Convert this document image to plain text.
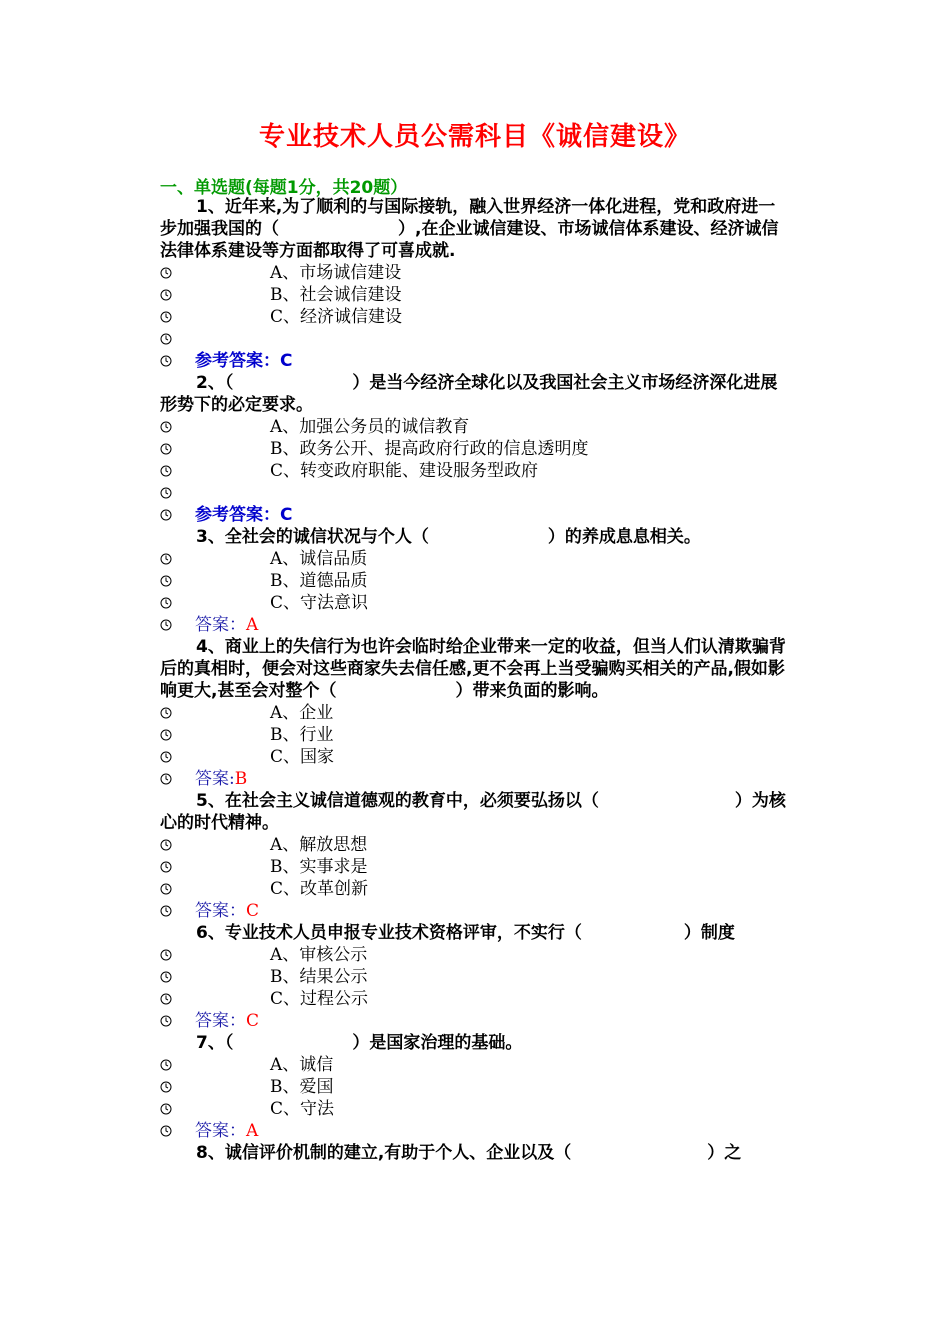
专业技术人员公需科目《诚信建设》
一、单选题(每题1分，共20题）

1、近年来,为了顺利的与国际接轨，融入世界经济一体化进程，党和政府进一步加强我国的（　　　　　　　）,在企业诚信建设、市场诚信体系建设、经济诚信法律体系建设等方面都取得了可喜成就.

A、市场诚信建设
B、社会诚信建设
C、经济诚信建设
参考答案：C

2、（　　　　　　　）是当今经济全球化以及我国社会主义市场经济深化进展形势下的必定要求。

A、加强公务员的诚信教育
B、政务公开、提高政府行政的信息透明度
C、转变政府职能、建设服务型政府
参考答案：C

3、全社会的诚信状况与个人（　　　　　　　）的养成息息相关。

A、诚信品质
B、道德品质
C、守法意识
答案：A

4、商业上的失信行为也许会临时给企业带来一定的收益，但当人们认清欺骗背后的真相时，便会对这些商家失去信任感,更不会再上当受骗购买相关的产品,假如影响更大,甚至会对整个（　　　　　　　）带来负面的影响。

A、企业
B、行业
C、国家
答案:B

5、在社会主义诚信道德观的教育中，必须要弘扬以（　　　　　　　　）为核心的时代精神。

A、解放思想
B、实事求是
C、改革创新
答案：C

6、专业技术人员申报专业技术资格评审，不实行（　　　　　　）制度

A、审核公示
B、结果公示
C、过程公示
答案：C

7、（　　　　　　　）是国家治理的基础。

A、诚信
B、爱国
C、守法
答案：A

8、诚信评价机制的建立,有助于个人、企业以及（　　　　　　　　）之
